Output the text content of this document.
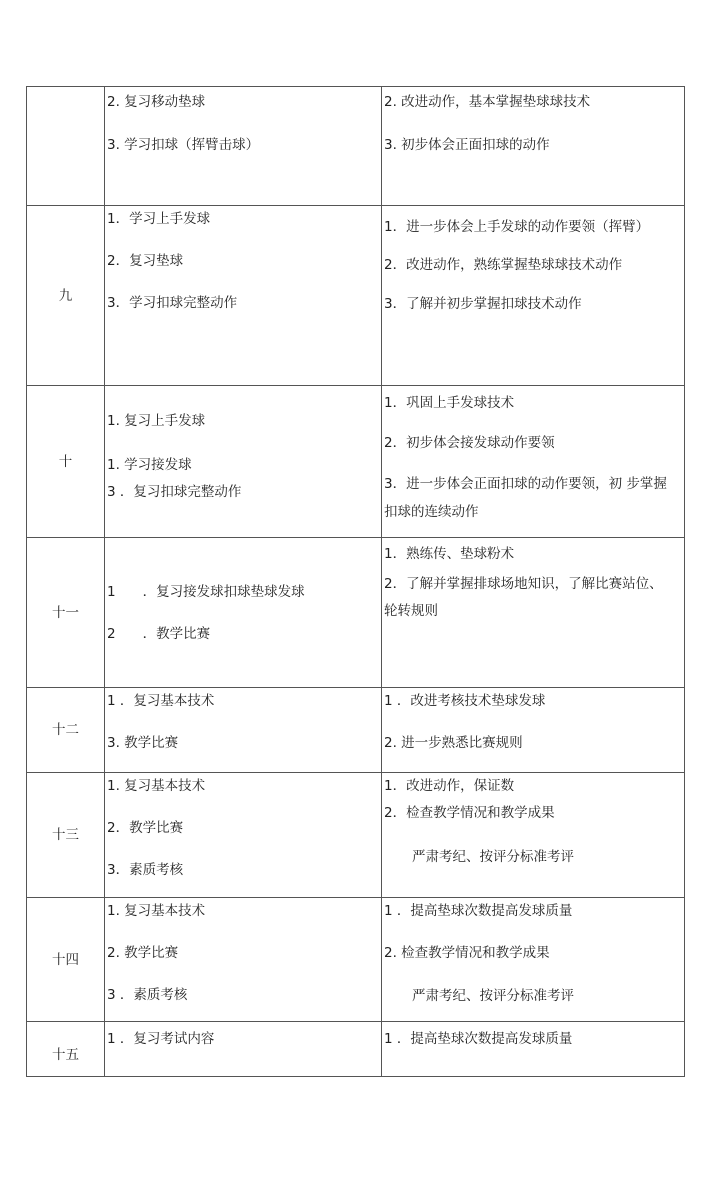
	2. 复习移动垫球
3. 学习扣球（挥臂击球）	2. 改进动作，基本掌握垫球球技术
3. 初步体会正面扣球的动作

九	1．学习上手发球
2．复习垫球
3．学习扣球完整动作	1．进一步体会上手发球的动作要领（挥臂）
2．改进动作，熟练掌握垫球球技术动作
3．了解并初步掌握扣球技术动作

十	1. 复习上手发球
1. 学习接发球
3 ．复习扣球完整动作	1．巩固上手发球技术
2．初步体会接发球动作要领
3．进一步体会正面扣球的动作要领，初 步掌握扣球的连续动作

十一	1　　．复习接发球扣球垫球发球
2　　．教学比赛	1．熟练传、垫球粉术
2．了解并掌握排球场地知识，了解比赛站位、轮转规则

十二	1 ．复习基本技术
3. 教学比赛	1 ．改进考核技术垫球发球
2. 进一步熟悉比赛规则

十三	1. 复习基本技术
2．教学比赛
3．素质考核	1．改进动作，保证数
2．检查教学情况和教学成果
严肃考纪、按评分标准考评

十四	1. 复习基本技术
2. 教学比赛
3 ．素质考核	1 ．提高垫球次数提高发球质量
2. 检查教学情况和教学成果
严肃考纪、按评分标准考评

十五	1 ．复习考试内容	1 ．提高垫球次数提高发球质量
